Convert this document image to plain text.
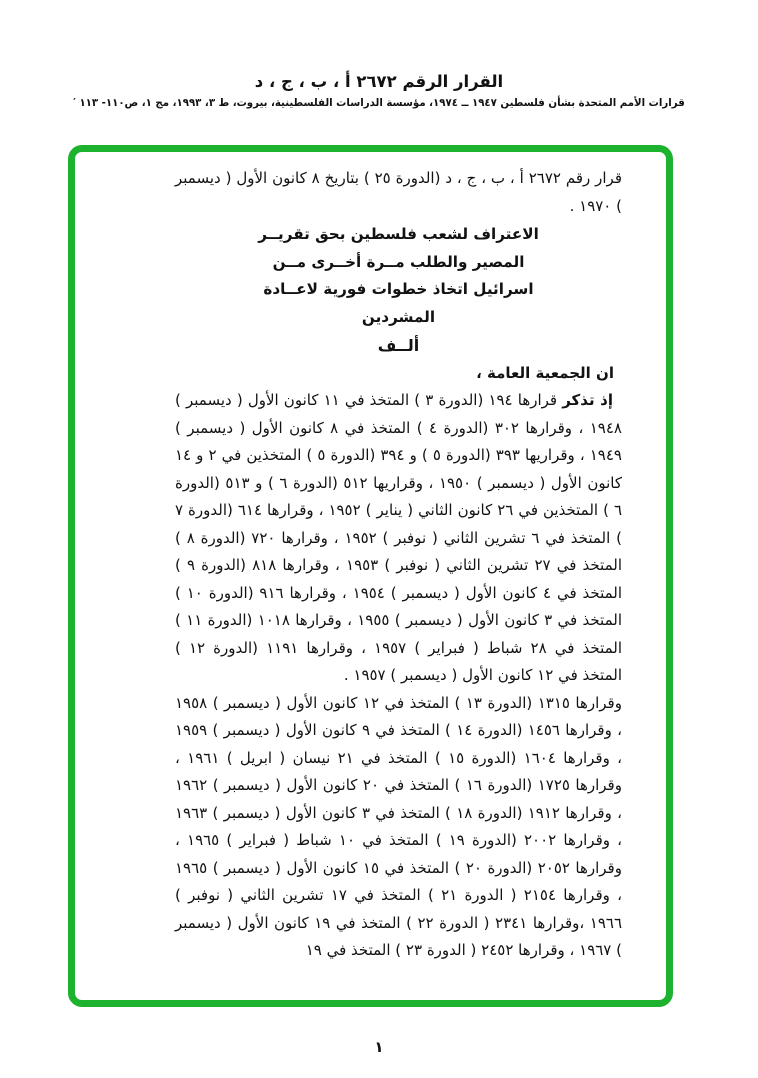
القرار الرقم ٢٦٧٢ أ ، ب ، ج ، د
قرارات الأمم المتحدة بشأن فلسطين ١٩٤٧ ــ ١٩٧٤، مؤسسة الدراسات الفلسطينية، بيروت، ط ٣، ١٩٩٣، مج ١، ص١١٠- ١١٣ ′

قرار رقم ٢٦٧٢ أ ، ب ، ج ، د (الدورة ٢٥ ) بتاريخ ٨ كانون الأول ( ديسمبر ) ١٩٧٠ .

الاعتراف لشعب فلسطين بحق تقريــر
المصير والطلب مــرة أخــرى مــن
اسرائيل اتخاذ خطوات فورية لاعــادة
المشردين

ألــف

ان الجمعية العامة ،

إذ تذكر قرارها ١٩٤ (الدورة ٣ ) المتخذ في ١١ كانون الأول ( ديسمبر ) ١٩٤٨ ، وقرارها ٣٠٢ (الدورة ٤ ) المتخذ في ٨ كانون الأول ( ديسمبر ) ١٩٤٩ ، وقراريها ٣٩٣ (الدورة ٥ ) و ٣٩٤ (الدورة ٥ ) المتخذين في ٢ و ١٤ كانون الأول ( ديسمبر ) ١٩٥٠ ، وقراريها ٥١٢ (الدورة ٦ ) و ٥١٣ (الدورة ٦ ) المتخذين في ٢٦ كانون الثاني ( يناير ) ١٩٥٢ ، وقرارها ٦١٤ (الدورة ٧ ) المتخذ في ٦ تشرين الثاني ( نوفبر ) ١٩٥٢ ، وقرارها ٧٢٠ (الدورة ٨ ) المتخذ في ٢٧ تشرين الثاني ( نوفبر ) ١٩٥٣ ، وقرارها ٨١٨ (الدورة ٩ ) المتخذ في ٤ كانون الأول ( ديسمبر ) ١٩٥٤ ، وقرارها ٩١٦ (الدورة ١٠ ) المتخذ في ٣ كانون الأول ( ديسمبر ) ١٩٥٥ ، وقرارها ١٠١٨ (الدورة ١١ ) المتخذ في ٢٨ شباط ( فبراير ) ١٩٥٧ ، وقرارها ١١٩١ (الدورة ١٢ ) المتخذ في ١٢ كانون الأول ( ديسمبر ) ١٩٥٧ .

وقرارها ١٣١٥ (الدورة ١٣ ) المتخذ في ١٢ كانون الأول ( ديسمبر ) ١٩٥٨ ، وقرارها ١٤٥٦ (الدورة ١٤ ) المتخذ في ٩ كانون الأول ( ديسمبر ) ١٩٥٩ ، وقرارها ١٦٠٤ (الدورة ١٥ ) المتخذ في ٢١ نيسان ( ابريل ) ١٩٦١ ، وقرارها ١٧٢٥ (الدورة ١٦ ) المتخذ في ٢٠ كانون الأول ( ديسمبر ) ١٩٦٢ ، وقرارها ١٩١٢ (الدورة ١٨ ) المتخذ في ٣ كانون الأول ( ديسمبر ) ١٩٦٣ ، وقرارها ٢٠٠٢ (الدورة ١٩ ) المتخذ في ١٠ شباط ( فبراير ) ١٩٦٥ ، وقرارها ٢٠٥٢ (الدورة ٢٠ ) المتخذ في ١٥ كانون الأول ( ديسمبر ) ١٩٦٥ ، وقرارها ٢١٥٤ ( الدورة ٢١ ) المتخذ في ١٧ تشرين الثاني ( نوفبر ) ١٩٦٦ ،وقرارها ٢٣٤١ ( الدورة ٢٢ ) المتخذ في ١٩ كانون الأول ( ديسمبر ) ١٩٦٧ ، وقرارها ٢٤٥٢ ( الدورة ٢٣ ) المتخذ في ١٩

١
